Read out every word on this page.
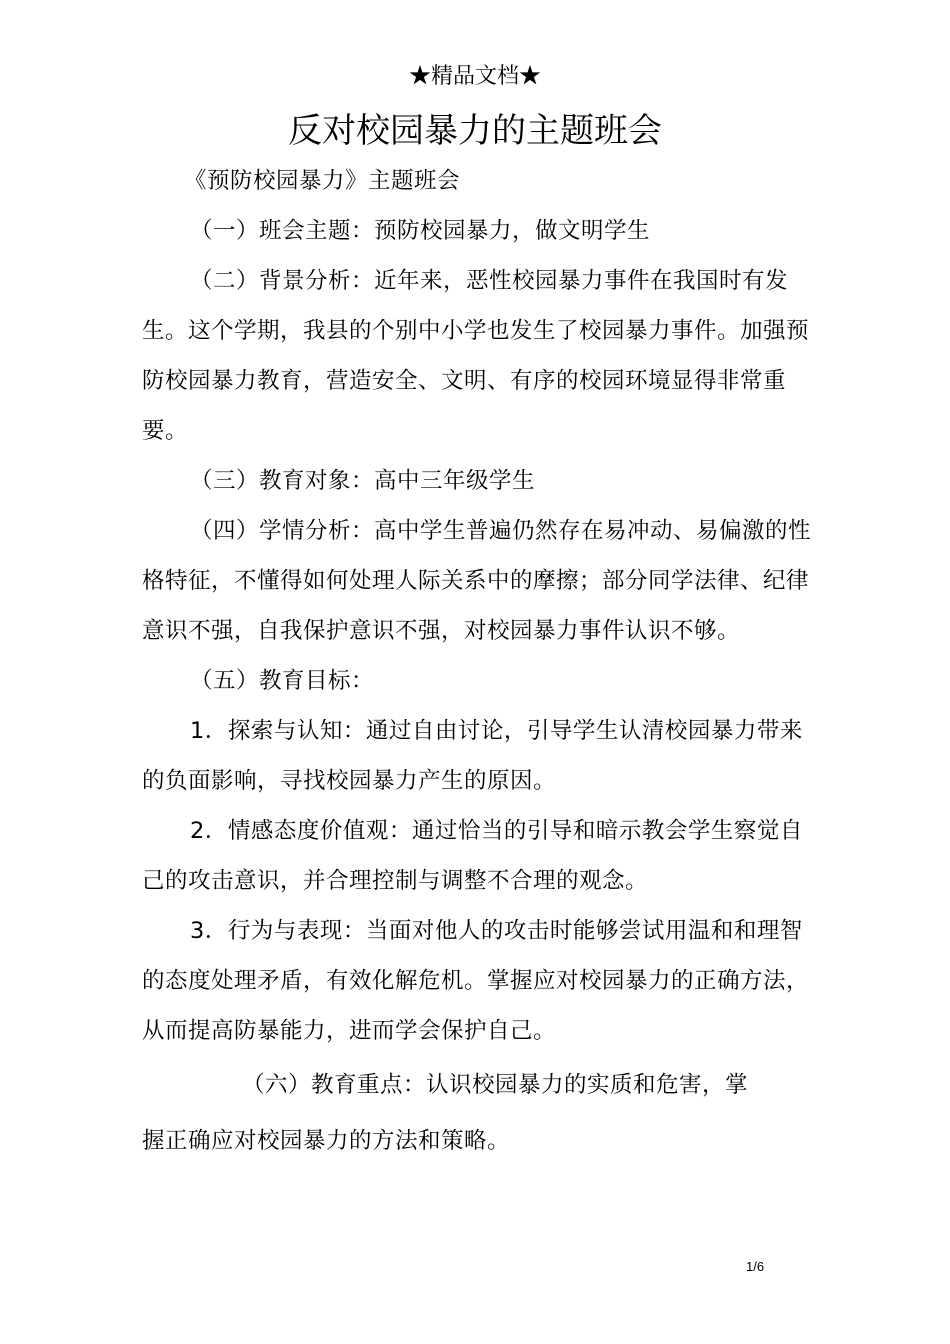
★精品文档★
反对校园暴力的主题班会

《预防校园暴力》主题班会

（一）班会主题：预防校园暴力，做文明学生

（二）背景分析：近年来，恶性校园暴力事件在我国时有发生。这个学期，我县的个别中小学也发生了校园暴力事件。加强预防校园暴力教育，营造安全、文明、有序的校园环境显得非常重要。

（三）教育对象：高中三年级学生

（四）学情分析：高中学生普遍仍然存在易冲动、易偏激的性格特征，不懂得如何处理人际关系中的摩擦；部分同学法律、纪律意识不强，自我保护意识不强，对校园暴力事件认识不够。

（五）教育目标：

1．探索与认知：通过自由讨论，引导学生认清校园暴力带来的负面影响，寻找校园暴力产生的原因。

2．情感态度价值观：通过恰当的引导和暗示教会学生察觉自己的攻击意识，并合理控制与调整不合理的观念。

3．行为与表现：当面对他人的攻击时能够尝试用温和和理智的态度处理矛盾，有效化解危机。掌握应对校园暴力的正确方法，从而提高防暴能力，进而学会保护自己。

（六）教育重点：认识校园暴力的实质和危害，掌

握正确应对校园暴力的方法和策略。

1/6
